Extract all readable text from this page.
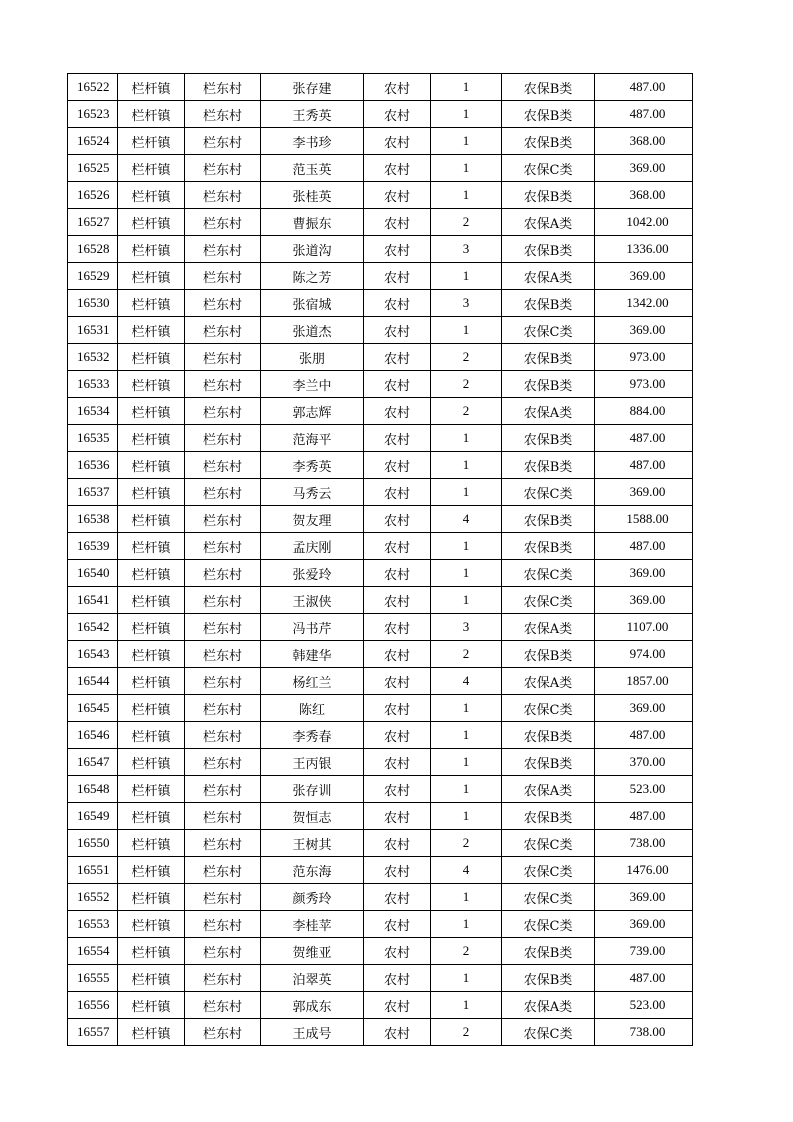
16522	栏杆镇	栏东村	张存建	农村	1	农保B类	487.00
16523	栏杆镇	栏东村	王秀英	农村	1	农保B类	487.00
16524	栏杆镇	栏东村	李书珍	农村	1	农保B类	368.00
16525	栏杆镇	栏东村	范玉英	农村	1	农保C类	369.00
16526	栏杆镇	栏东村	张桂英	农村	1	农保B类	368.00
16527	栏杆镇	栏东村	曹振东	农村	2	农保A类	1042.00
16528	栏杆镇	栏东村	张道沟	农村	3	农保B类	1336.00
16529	栏杆镇	栏东村	陈之芳	农村	1	农保A类	369.00
16530	栏杆镇	栏东村	张宿城	农村	3	农保B类	1342.00
16531	栏杆镇	栏东村	张道杰	农村	1	农保C类	369.00
16532	栏杆镇	栏东村	张朋	农村	2	农保B类	973.00
16533	栏杆镇	栏东村	李兰中	农村	2	农保B类	973.00
16534	栏杆镇	栏东村	郭志辉	农村	2	农保A类	884.00
16535	栏杆镇	栏东村	范海平	农村	1	农保B类	487.00
16536	栏杆镇	栏东村	李秀英	农村	1	农保B类	487.00
16537	栏杆镇	栏东村	马秀云	农村	1	农保C类	369.00
16538	栏杆镇	栏东村	贺友理	农村	4	农保B类	1588.00
16539	栏杆镇	栏东村	孟庆刚	农村	1	农保B类	487.00
16540	栏杆镇	栏东村	张爱玲	农村	1	农保C类	369.00
16541	栏杆镇	栏东村	王淑侠	农村	1	农保C类	369.00
16542	栏杆镇	栏东村	冯书芹	农村	3	农保A类	1107.00
16543	栏杆镇	栏东村	韩建华	农村	2	农保B类	974.00
16544	栏杆镇	栏东村	杨红兰	农村	4	农保A类	1857.00
16545	栏杆镇	栏东村	陈红	农村	1	农保C类	369.00
16546	栏杆镇	栏东村	李秀春	农村	1	农保B类	487.00
16547	栏杆镇	栏东村	王丙银	农村	1	农保B类	370.00
16548	栏杆镇	栏东村	张存训	农村	1	农保A类	523.00
16549	栏杆镇	栏东村	贺恒志	农村	1	农保B类	487.00
16550	栏杆镇	栏东村	王树其	农村	2	农保C类	738.00
16551	栏杆镇	栏东村	范东海	农村	4	农保C类	1476.00
16552	栏杆镇	栏东村	颜秀玲	农村	1	农保C类	369.00
16553	栏杆镇	栏东村	李桂苹	农村	1	农保C类	369.00
16554	栏杆镇	栏东村	贺维亚	农村	2	农保B类	739.00
16555	栏杆镇	栏东村	泊翠英	农村	1	农保B类	487.00
16556	栏杆镇	栏东村	郭成东	农村	1	农保A类	523.00
16557	栏杆镇	栏东村	王成号	农村	2	农保C类	738.00
